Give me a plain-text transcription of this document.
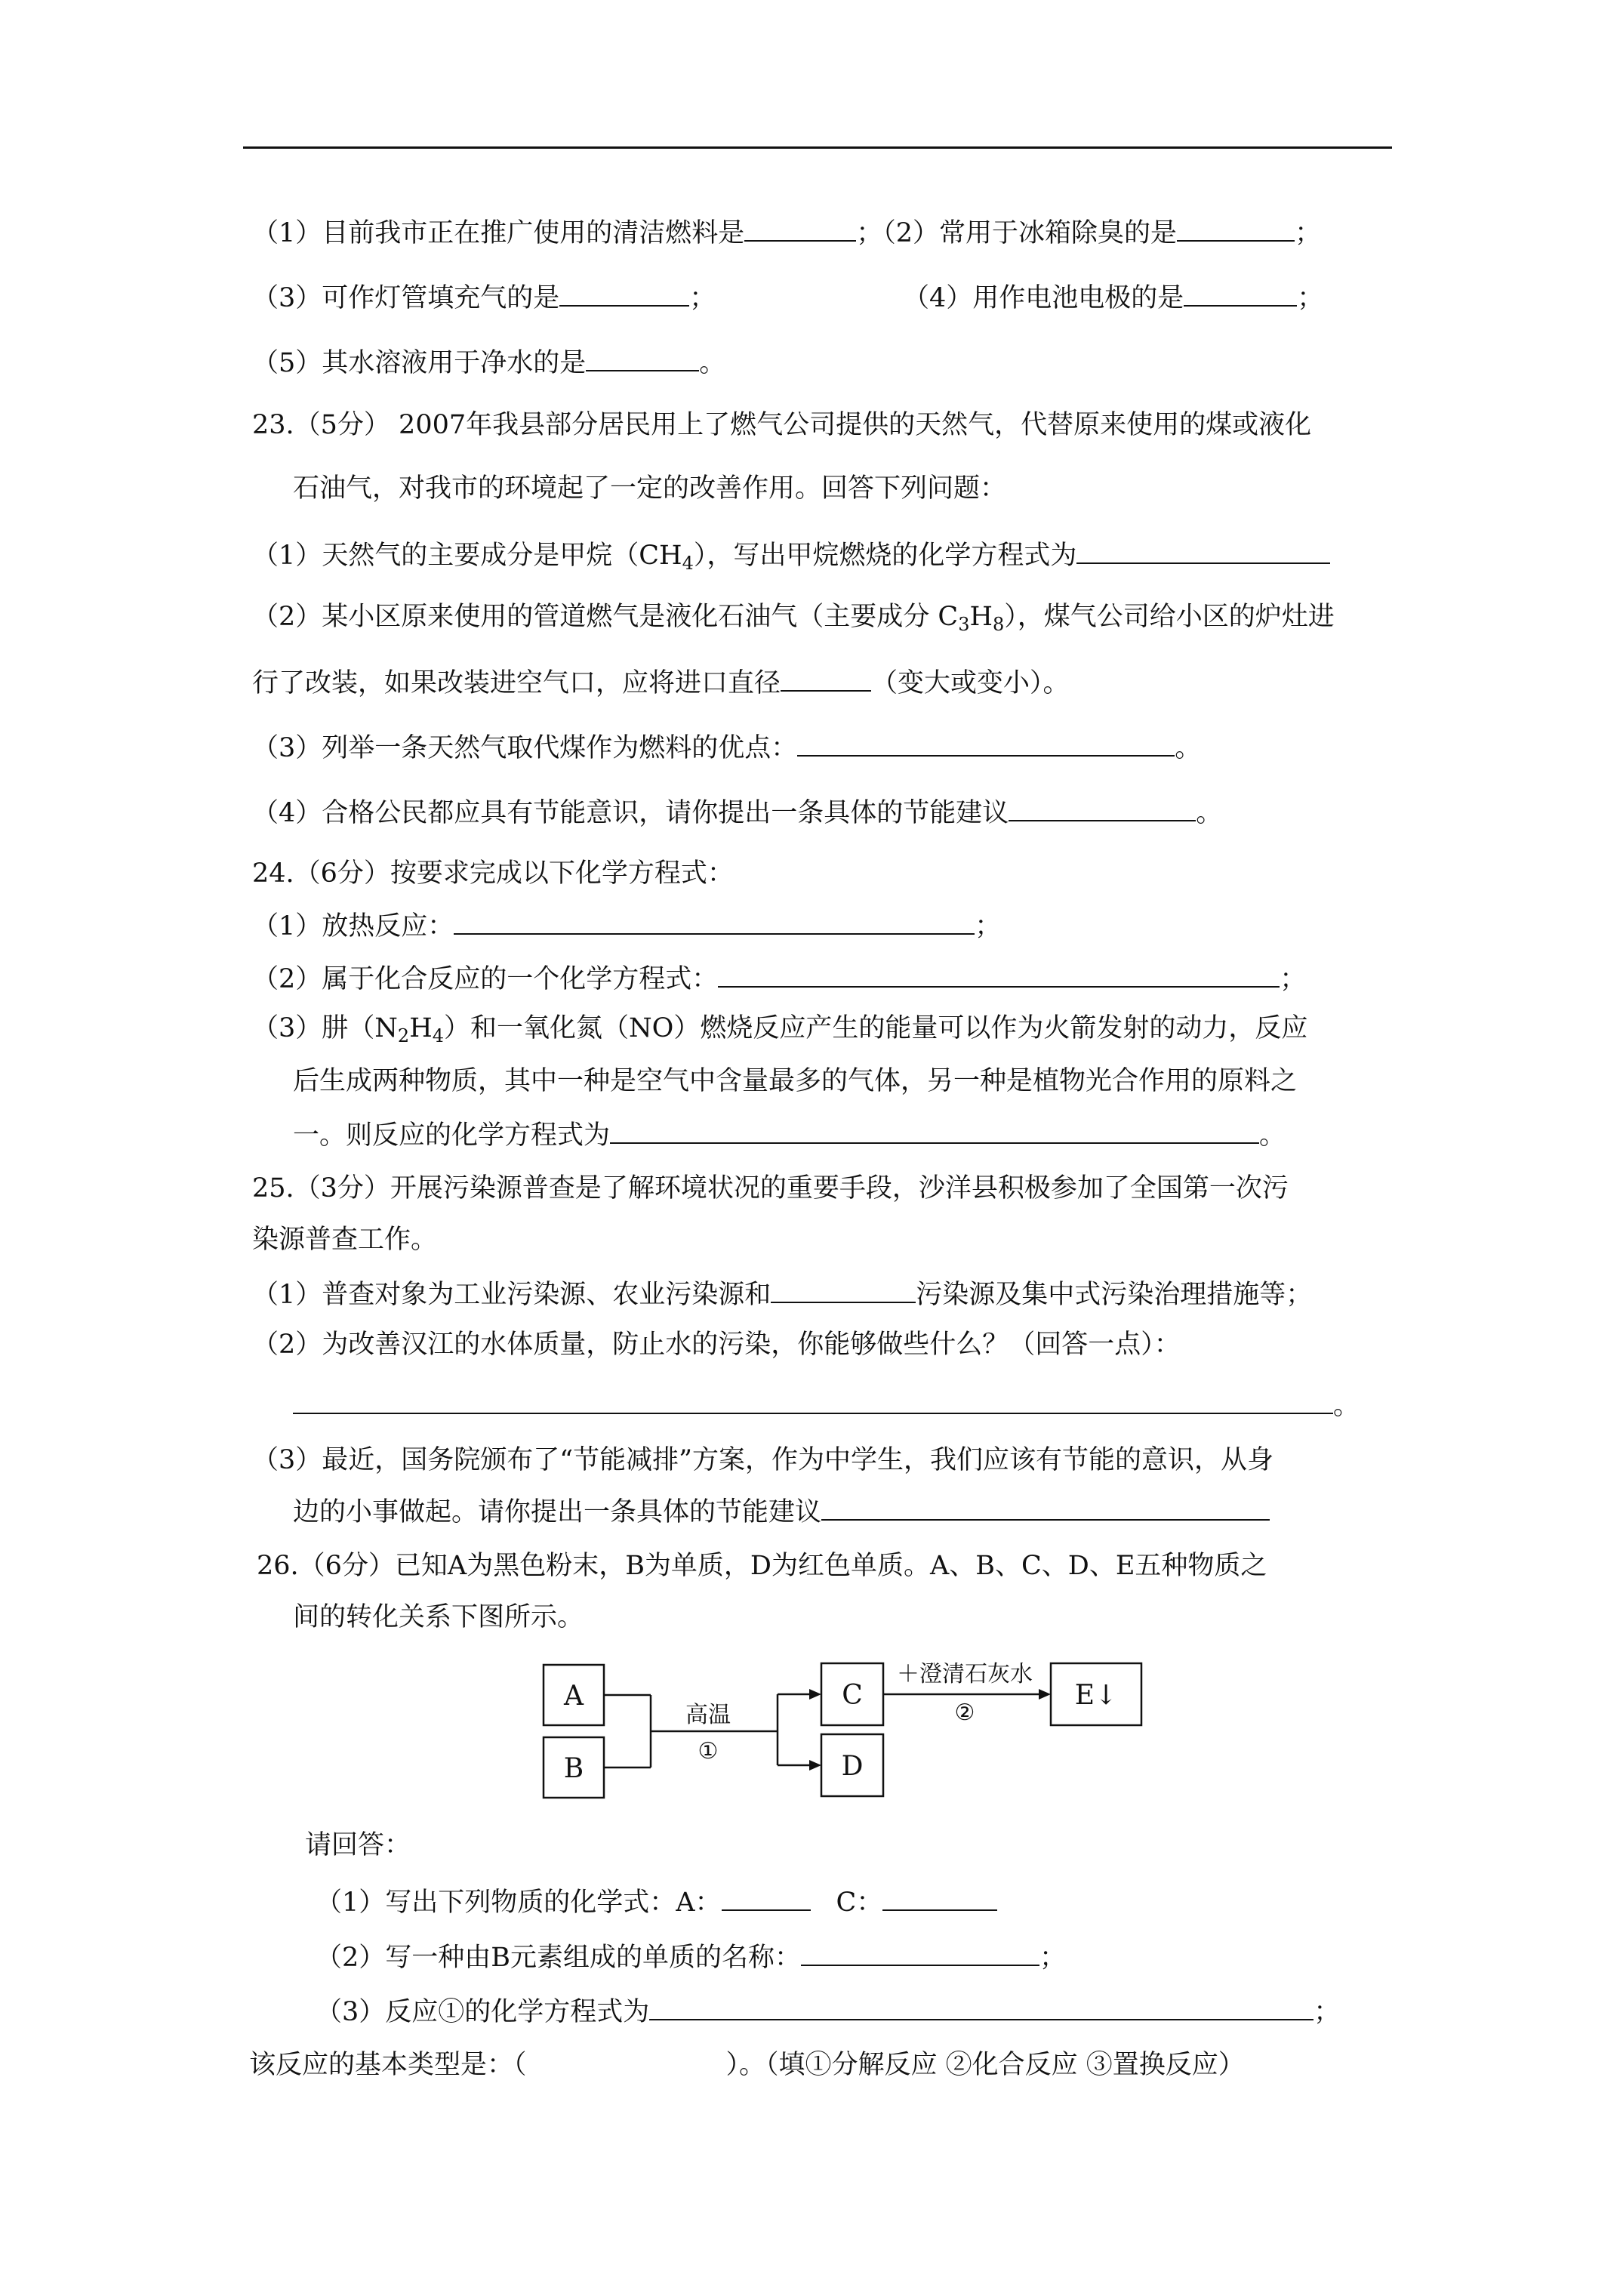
（1）目前我市正在推广使用的清洁燃料是	；（2）常用于冰箱除臭的是	；
（3）可作灯管填充气的是	；	（4）用作电池电极的是	；
（5）其水溶液用于净水的是	。
23.（5分） 2007年我县部分居民用上了燃气公司提供的天然气，代替原来使用的煤或液化
石油气，对我市的环境起了一定的改善作用。回答下列问题：
（1）天然气的主要成分是甲烷$(CH_4)$，写出甲烷燃烧的化学方程式为
（2）某小区原来使用的管道燃气是液化石油气（主要成分 $C_3H_8$），煤气公司给小区的炉灶进
行了改装，如果改装进空气口，应将进口直径	（变大或变小）。
（3）列举一条天然气取代煤作为燃料的优点：	。
（4）合格公民都应具有节能意识，请你提出一条具体的节能建议	。
24.（6分）按要求完成以下化学方程式：
（1）放热反应：	；
（2）属于化合反应的一个化学方程式：	；
（3）肼$(N_2H_4)$和一氧化氮（NO）燃烧反应产生的能量可以作为火箭发射的动力，反应
后生成两种物质，其中一种是空气中含量最多的气体，另一种是植物光合作用的原料之
一。则反应的化学方程式为	。
25.（3分）开展污染源普查是了解环境状况的重要手段，沙洋县积极参加了全国第一次污
染源普查工作。
（1）普查对象为工业污染源、农业污染源和	污染源及集中式污染治理措施等；
（2）为改善汉江的水体质量，防止水的污染，你能够做些什么？（回答一点）：
。
（3）最近，国务院颁布了“节能减排”方案，作为中学生，我们应该有节能的意识，从身
边的小事做起。请你提出一条具体的节能建议
26.（6分）已知A为黑色粉末，B为单质，D为红色单质。A、B、C、D、E五种物质之
间的转化关系下图所示。
A
B
C
D
E↓
高温
①
＋澄清石灰水
②
请回答：
（1）写出下列物质的化学式：A：	C：
（2）写一种由B元素组成的单质的名称：	；
（3）反应①的化学方程式为	；
该反应的基本类型是：（	）。（填①分解反应 ②化合反应 ③置换反应）
